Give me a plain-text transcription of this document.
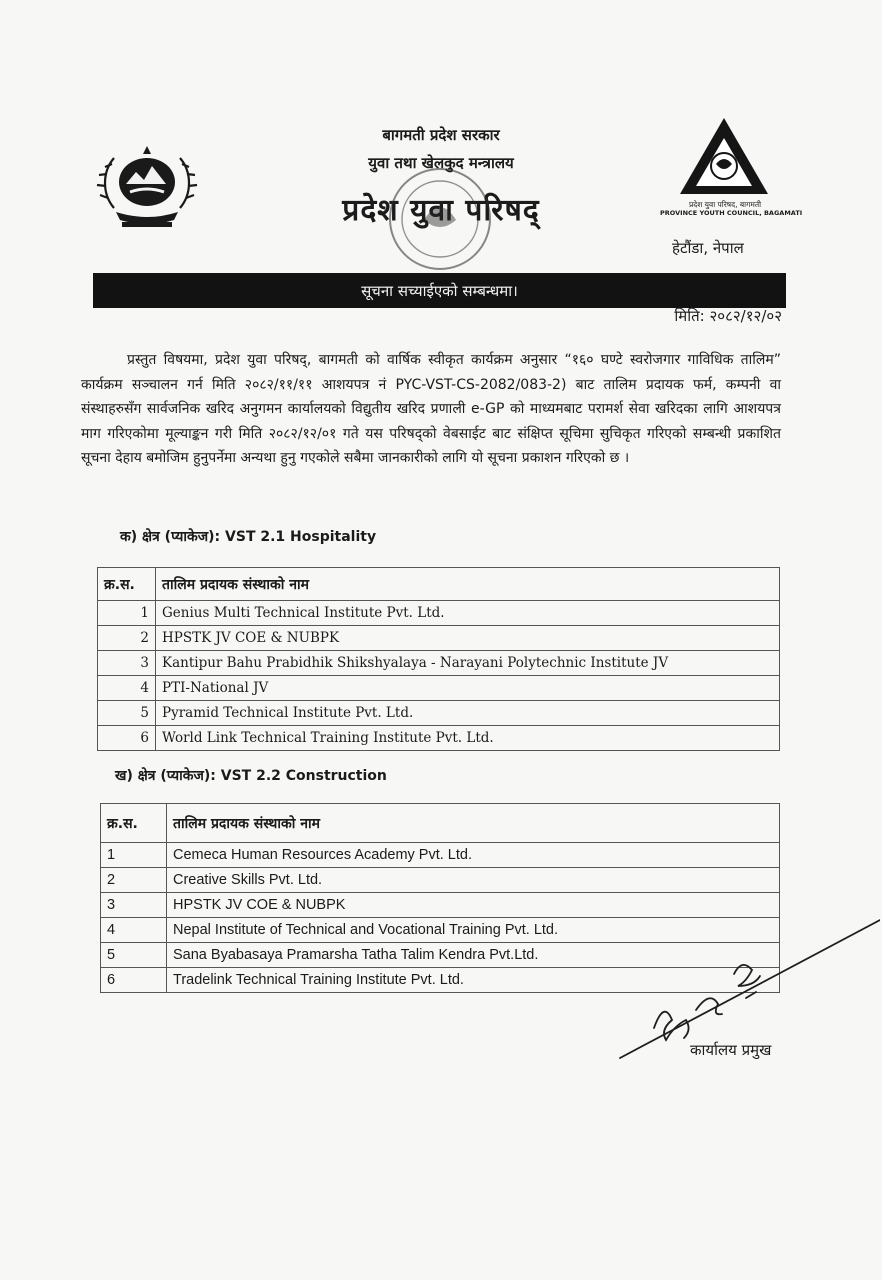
बागमती प्रदेश सरकार
युवा तथा खेलकुद मन्त्रालय
प्रदेश युवा परिषद्	प्रदेश युवा परिषद, बागमती
PROVINCE YOUTH COUNCIL, BAGAMATI
हेटौंडा, नेपाल
सूचना सच्याईएको सम्बन्धमा।
मिति: २०८२/१२/०२
प्रस्तुत विषयमा, प्रदेश युवा परिषद्, बागमती को वार्षिक स्वीकृत कार्यक्रम अनुसार “१६० घण्टे स्वरोजगार गाविधिक तालिम” कार्यक्रम सञ्चालन गर्न मिति २०८२/११/११ आशयपत्र नं PYC-VST-CS-2082/083-2) बाट तालिम प्रदायक फर्म, कम्पनी वा संस्थाहरुसँग सार्वजनिक खरिद अनुगमन कार्यालयको विद्युतीय खरिद प्रणाली e-GP को माध्यमबाट परामर्श सेवा खरिदका लागि आशयपत्र माग गरिएकोमा मूल्याङ्कन गरी मिति २०८२/१२/०१ गते यस परिषद्को वेबसाईट बाट संक्षिप्त सूचिमा सुचिकृत गरिएको सम्बन्धी प्रकाशित सूचना देहाय बमोजिम हुनुपर्नेमा अन्यथा हुनु गएकोले सबैमा जानकारीको लागि यो सूचना प्रकाशन गरिएको छ ।
क) क्षेत्र (प्याकेज): VST 2.1 Hospitality
क्र.स.	तालिम प्रदायक संस्थाको नाम
1	Genius Multi Technical Institute Pvt. Ltd.
2	HPSTK JV COE & NUBPK
3	Kantipur Bahu Prabidhik Shikshyalaya - Narayani Polytechnic Institute JV
4	PTI-National JV
5	Pyramid Technical Institute Pvt. Ltd.
6	World Link Technical Training Institute Pvt. Ltd.
ख) क्षेत्र (प्याकेज): VST 2.2 Construction
क्र.स.	तालिम प्रदायक संस्थाको नाम
1	Cemeca Human Resources Academy Pvt. Ltd.
2	Creative Skills Pvt. Ltd.
3	HPSTK JV COE & NUBPK
4	Nepal Institute of Technical and Vocational Training Pvt. Ltd.
5	Sana Byabasaya Pramarsha Tatha Talim Kendra Pvt.Ltd.
6	Tradelink Technical Training Institute Pvt. Ltd.
कार्यालय प्रमुख
